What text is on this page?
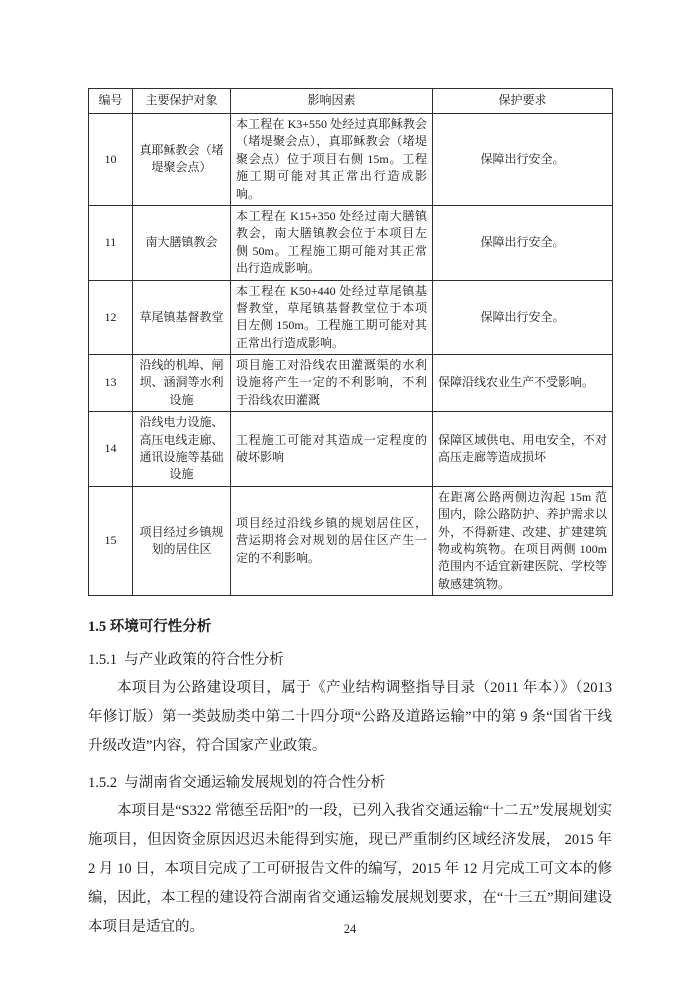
编号	主要保护对象	影响因素	保护要求
10	真耶稣教会（堵堤聚会点）	本工程在 K3+550 处经过真耶稣教会（堵堤聚会点），真耶稣教会（堵堤聚会点）位于项目右侧 15m。工程施工期可能对其正常出行造成影响。	保障出行安全。
11	南大膳镇教会	本工程在 K15+350 处经过南大膳镇教会，南大膳镇教会位于本项目左侧 50m。工程施工期可能对其正常出行造成影响。	保障出行安全。
12	草尾镇基督教堂	本工程在 K50+440 处经过草尾镇基督教堂，草尾镇基督教堂位于本项目左侧 150m。工程施工期可能对其正常出行造成影响。	保障出行安全。
13	沿线的机埠、闸坝、涵洞等水利设施	项目施工对沿线农田灌溉渠的水利设施将产生一定的不利影响，不利于沿线农田灌溉	保障沿线农业生产不受影响。
14	沿线电力设施、高压电线走廊、通讯设施等基础设施	工程施工可能对其造成一定程度的破坏影响	保障区域供电、用电安全，不对高压走廊等造成损坏
15	项目经过乡镇规划的居住区	项目经过沿线乡镇的规划居住区，营运期将会对规划的居住区产生一定的不利影响。	在距离公路两侧边沟起 15m 范围内，除公路防护、养护需求以外，不得新建、改建、扩建建筑物或构筑物。在项目两侧 100m 范围内不适宜新建医院、学校等敏感建筑物。
1.5 环境可行性分析
1.5.1  与产业政策的符合性分析

本项目为公路建设项目，属于《产业结构调整指导目录（2011 年本）》（2013 年修订版）第一类鼓励类中第二十四分项“公路及道路运输”中的第 9 条“国省干线升级改造”内容，符合国家产业政策。

1.5.2  与湖南省交通运输发展规划的符合性分析

本项目是“S322 常德至岳阳”的一段，已列入我省交通运输“十二五”发展规划实施项目，但因资金原因迟迟未能得到实施，现已严重制约区域经济发展， 2015 年 2 月 10 日，本项目完成了工可研报告文件的编写，2015 年 12 月完成工可文本的修编，因此，本工程的建设符合湖南省交通运输发展规划要求，在“十三五”期间建设本项目是适宜的。	24
